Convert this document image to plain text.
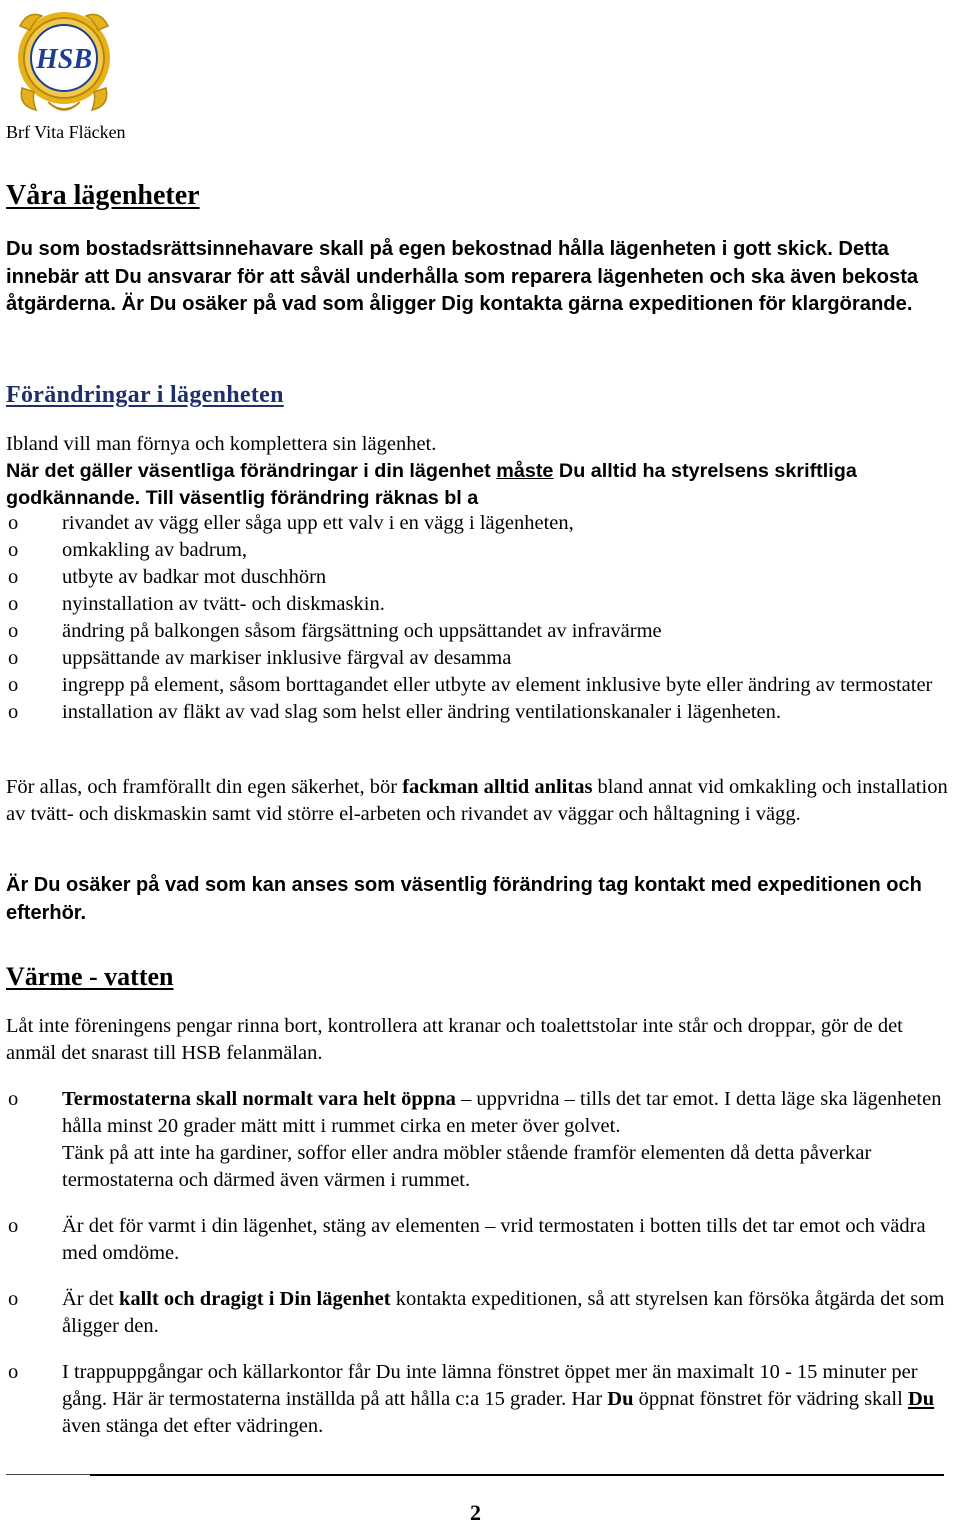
HSB
Brf Vita Fläcken
Våra lägenheter

Du som bostadsrättsinnehavare skall på egen bekostnad hålla lägenheten i gott skick. Detta innebär att Du ansvarar för att såväl underhålla som reparera lägenheten och ska även bekosta åtgärderna. Är Du osäker på vad som åligger Dig kontakta gärna expeditionen för klargörande.

Förändringar i lägenheten
Ibland vill man förnya och komplettera sin lägenhet.
När det gäller väsentliga förändringar i din lägenhet måste Du alltid ha styrelsens skriftliga godkännande. Till väsentlig förändring räknas bl a
o rivandet av vägg eller såga upp ett valv i en vägg i lägenheten,
o omkakling av badrum,
o utbyte av badkar mot duschhörn
o nyinstallation av tvätt- och diskmaskin.
o ändring på balkongen såsom färgsättning och uppsättandet av infravärme
o uppsättande av markiser inklusive färgval av desamma
o ingrepp på element, såsom borttagandet eller utbyte av element inklusive byte eller ändring av termostater
o installation av fläkt av vad slag som helst eller ändring ventilationskanaler i lägenheten.

För allas, och framförallt din egen säkerhet, bör fackman alltid anlitas bland annat vid omkakling och installation av tvätt- och diskmaskin samt vid större el-arbeten och rivandet av väggar och håltagning i vägg.

Är Du osäker på vad som kan anses som väsentlig förändring tag kontakt med expeditionen och efterhör.

Värme - vatten

Låt inte föreningens pengar rinna bort, kontrollera att kranar och toalettstolar inte står och droppar, gör de det anmäl det snarast till HSB felanmälan.

o Termostaterna skall normalt vara helt öppna – uppvridna – tills det tar emot. I detta läge ska lägenheten hålla minst 20 grader mätt mitt i rummet cirka en meter över golvet.
Tänk på att inte ha gardiner, soffor eller andra möbler stående framför elementen då detta påverkar termostaterna och därmed även värmen i rummet.
o Är det för varmt i din lägenhet, stäng av elementen – vrid termostaten i botten tills det tar emot och vädra med omdöme.
o Är det kallt och dragigt i Din lägenhet kontakta expeditionen, så att styrelsen kan försöka åtgärda det som åligger den.
o I trappuppgångar och källarkontor får Du inte lämna fönstret öppet mer än maximalt 10 - 15 minuter per gång. Här är termostaterna inställda på att hålla c:a 15 grader. Har Du öppnat fönstret för vädring skall Du även stänga det efter vädringen.
2
